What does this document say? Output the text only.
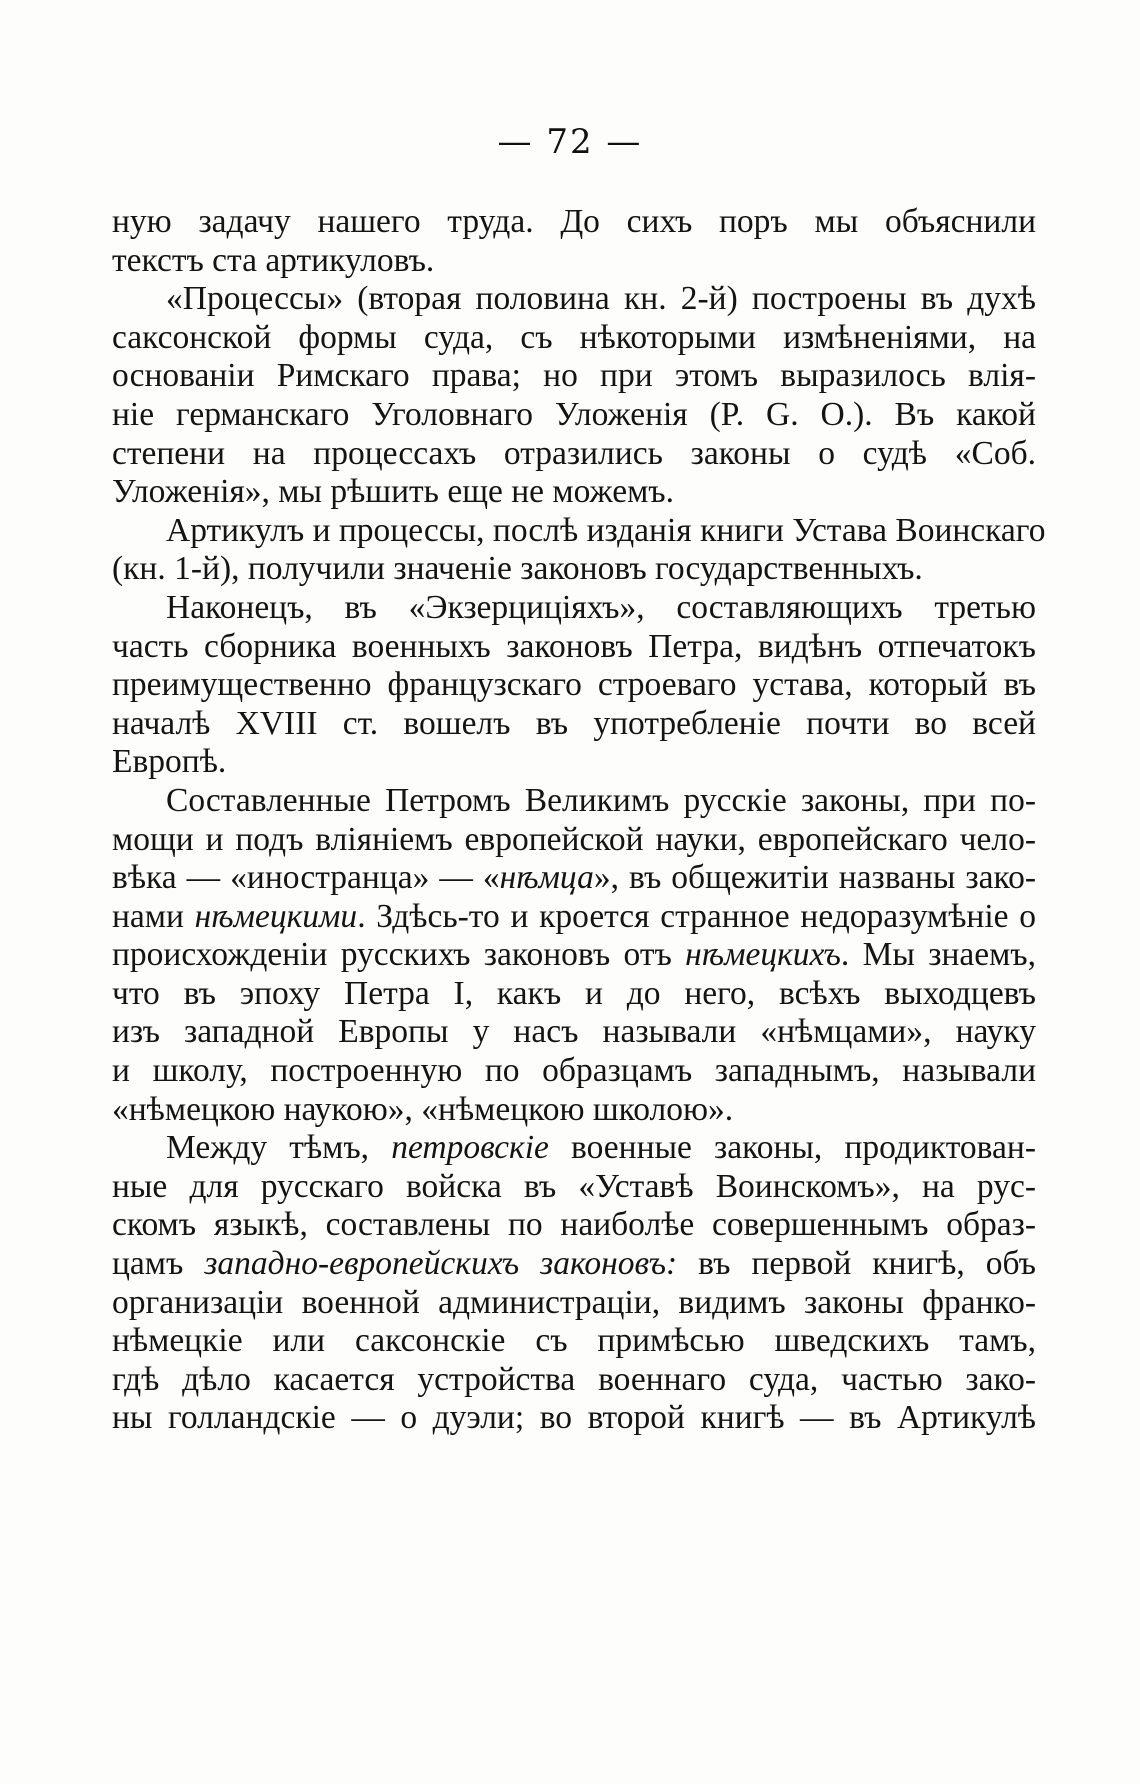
— 72 —
ную задачу нашего труда. До сихъ поръ мы объяснили
текстъ ста артикуловъ.
«Процессы» (вторая половина кн. 2-й) построены въ духѣ
саксонской формы суда, съ нѣкоторыми измѣненіями, на
основаніи Римскаго права; но при этомъ выразилось влія-
ніе германскаго Уголовнаго Уложенія (P. G. O.). Въ какой
степени на процессахъ отразились законы о судѣ «Соб.
Уложенія», мы рѣшить еще не можемъ.
Артикулъ и процессы, послѣ изданія книги Устава Воинскаго
(кн. 1-й), получили значеніе законовъ государственныхъ.
Наконецъ, въ «Экзерциціяхъ», составляющихъ третью
часть сборника военныхъ законовъ Петра, видѣнъ отпечатокъ
преимущественно французскаго строеваго устава, который въ
началѣ XVIII ст. вошелъ въ употребленіе почти во всей
Европѣ.
Составленные Петромъ Великимъ русскіе законы, при по-
мощи и подъ вліяніемъ европейской науки, европейскаго чело-
вѣка — «иностранца» — «нѣмца», въ общежитіи названы зако-
нами нѣмецкими. Здѣсь-то и кроется странное недоразумѣніе о
происхожденіи русскихъ законовъ отъ нѣмецкихъ. Мы знаемъ,
что въ эпоху Петра I, какъ и до него, всѣхъ выходцевъ
изъ западной Европы у насъ называли «нѣмцами», науку
и школу, построенную по образцамъ западнымъ, называли
«нѣмецкою наукою», «нѣмецкою школою».
Между тѣмъ, петровскіе военные законы, продиктован-
ные для русскаго войска въ «Уставѣ Воинскомъ», на рус-
скомъ языкѣ, составлены по наиболѣе совершеннымъ образ-
цамъ западно-европейскихъ законовъ: въ первой книгѣ, объ
организаціи военной администраціи, видимъ законы франко-
нѣмецкіе или саксонскіе съ примѣсью шведскихъ тамъ,
гдѣ дѣло касается устройства военнаго суда, частью зако-
ны голландскіе — о дуэли; во второй книгѣ — въ Артикулѣ
